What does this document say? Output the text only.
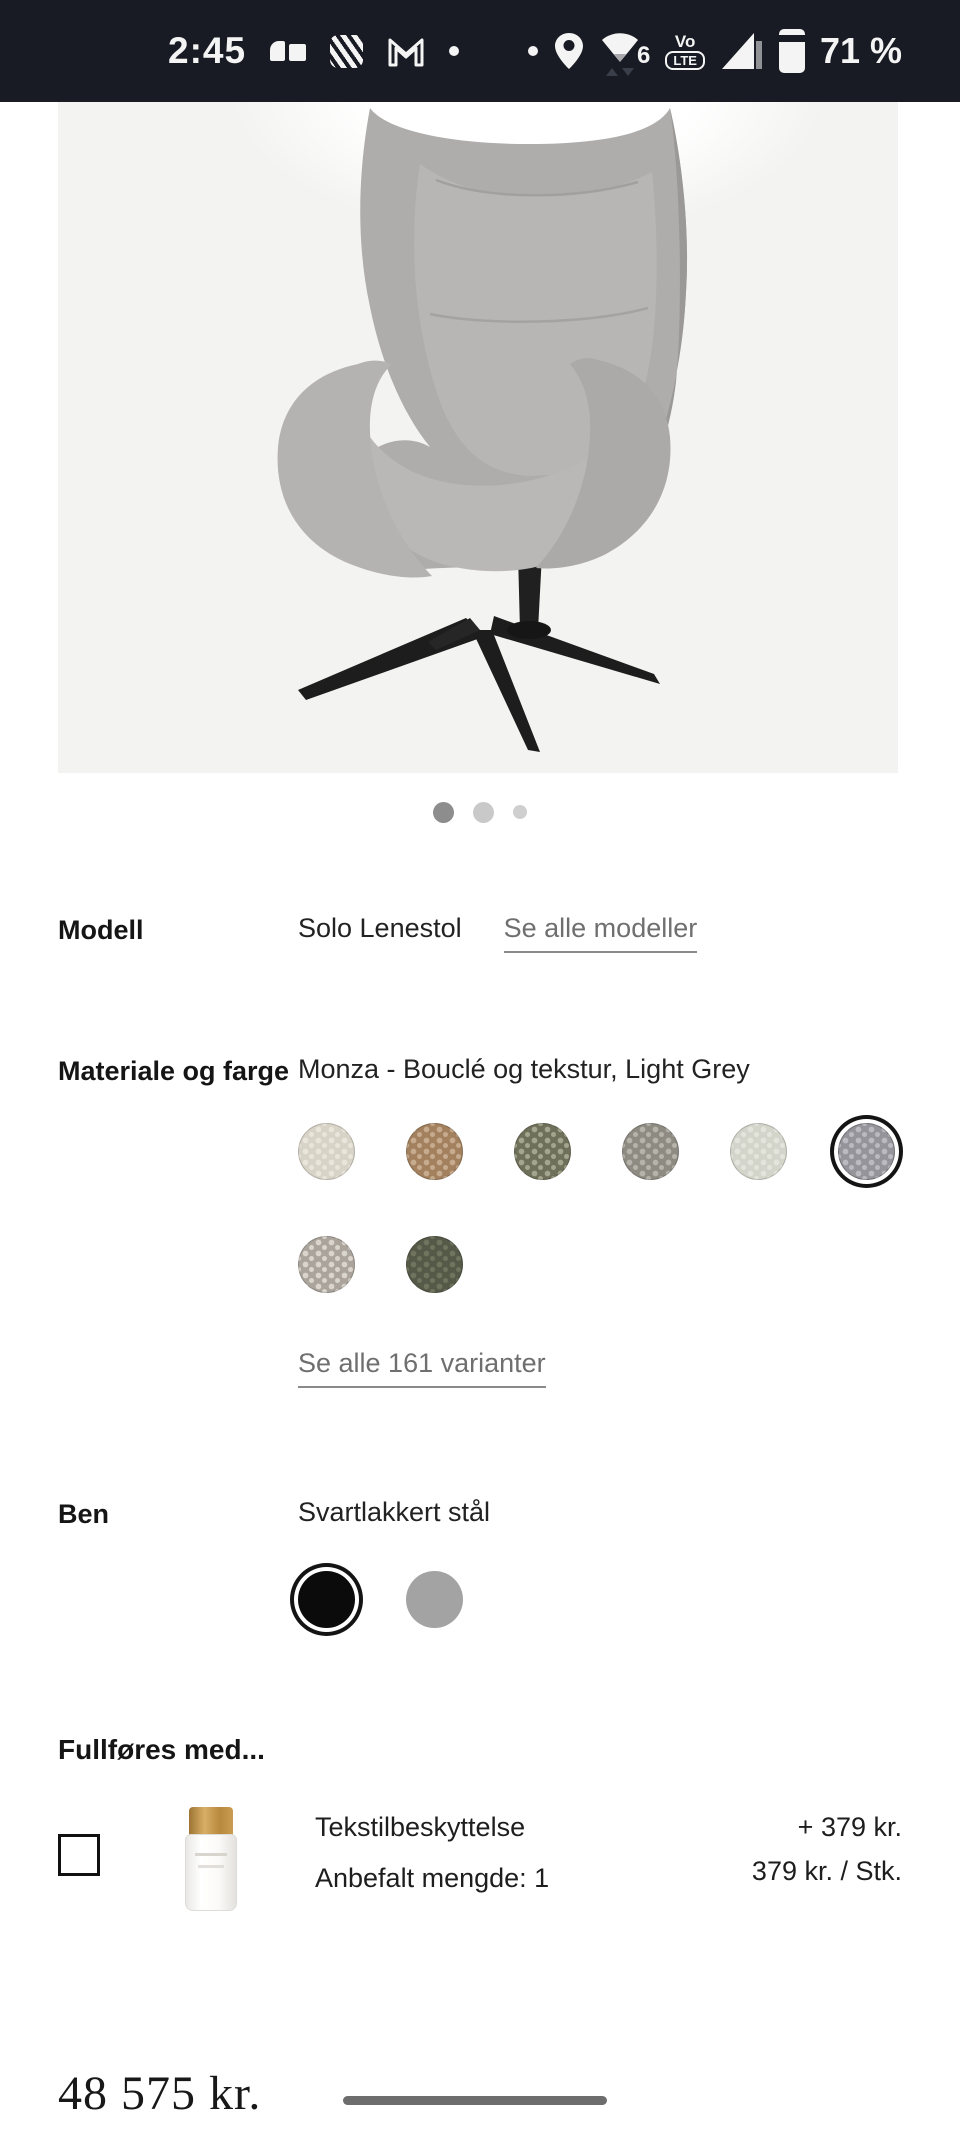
2:45	6
Vo
LTE	71 %
Modell	Solo Lenestol Se alle modeller
Materiale og farge Monza - Bouclé og tekstur, Light Grey
Se alle 161 varianter
Ben	Svartlakkert stål
Fullføres med...
Tekstilbeskyttelse
Anbefalt mengde: 1
+ 379 kr.
379 kr. / Stk.
48 575 kr.
